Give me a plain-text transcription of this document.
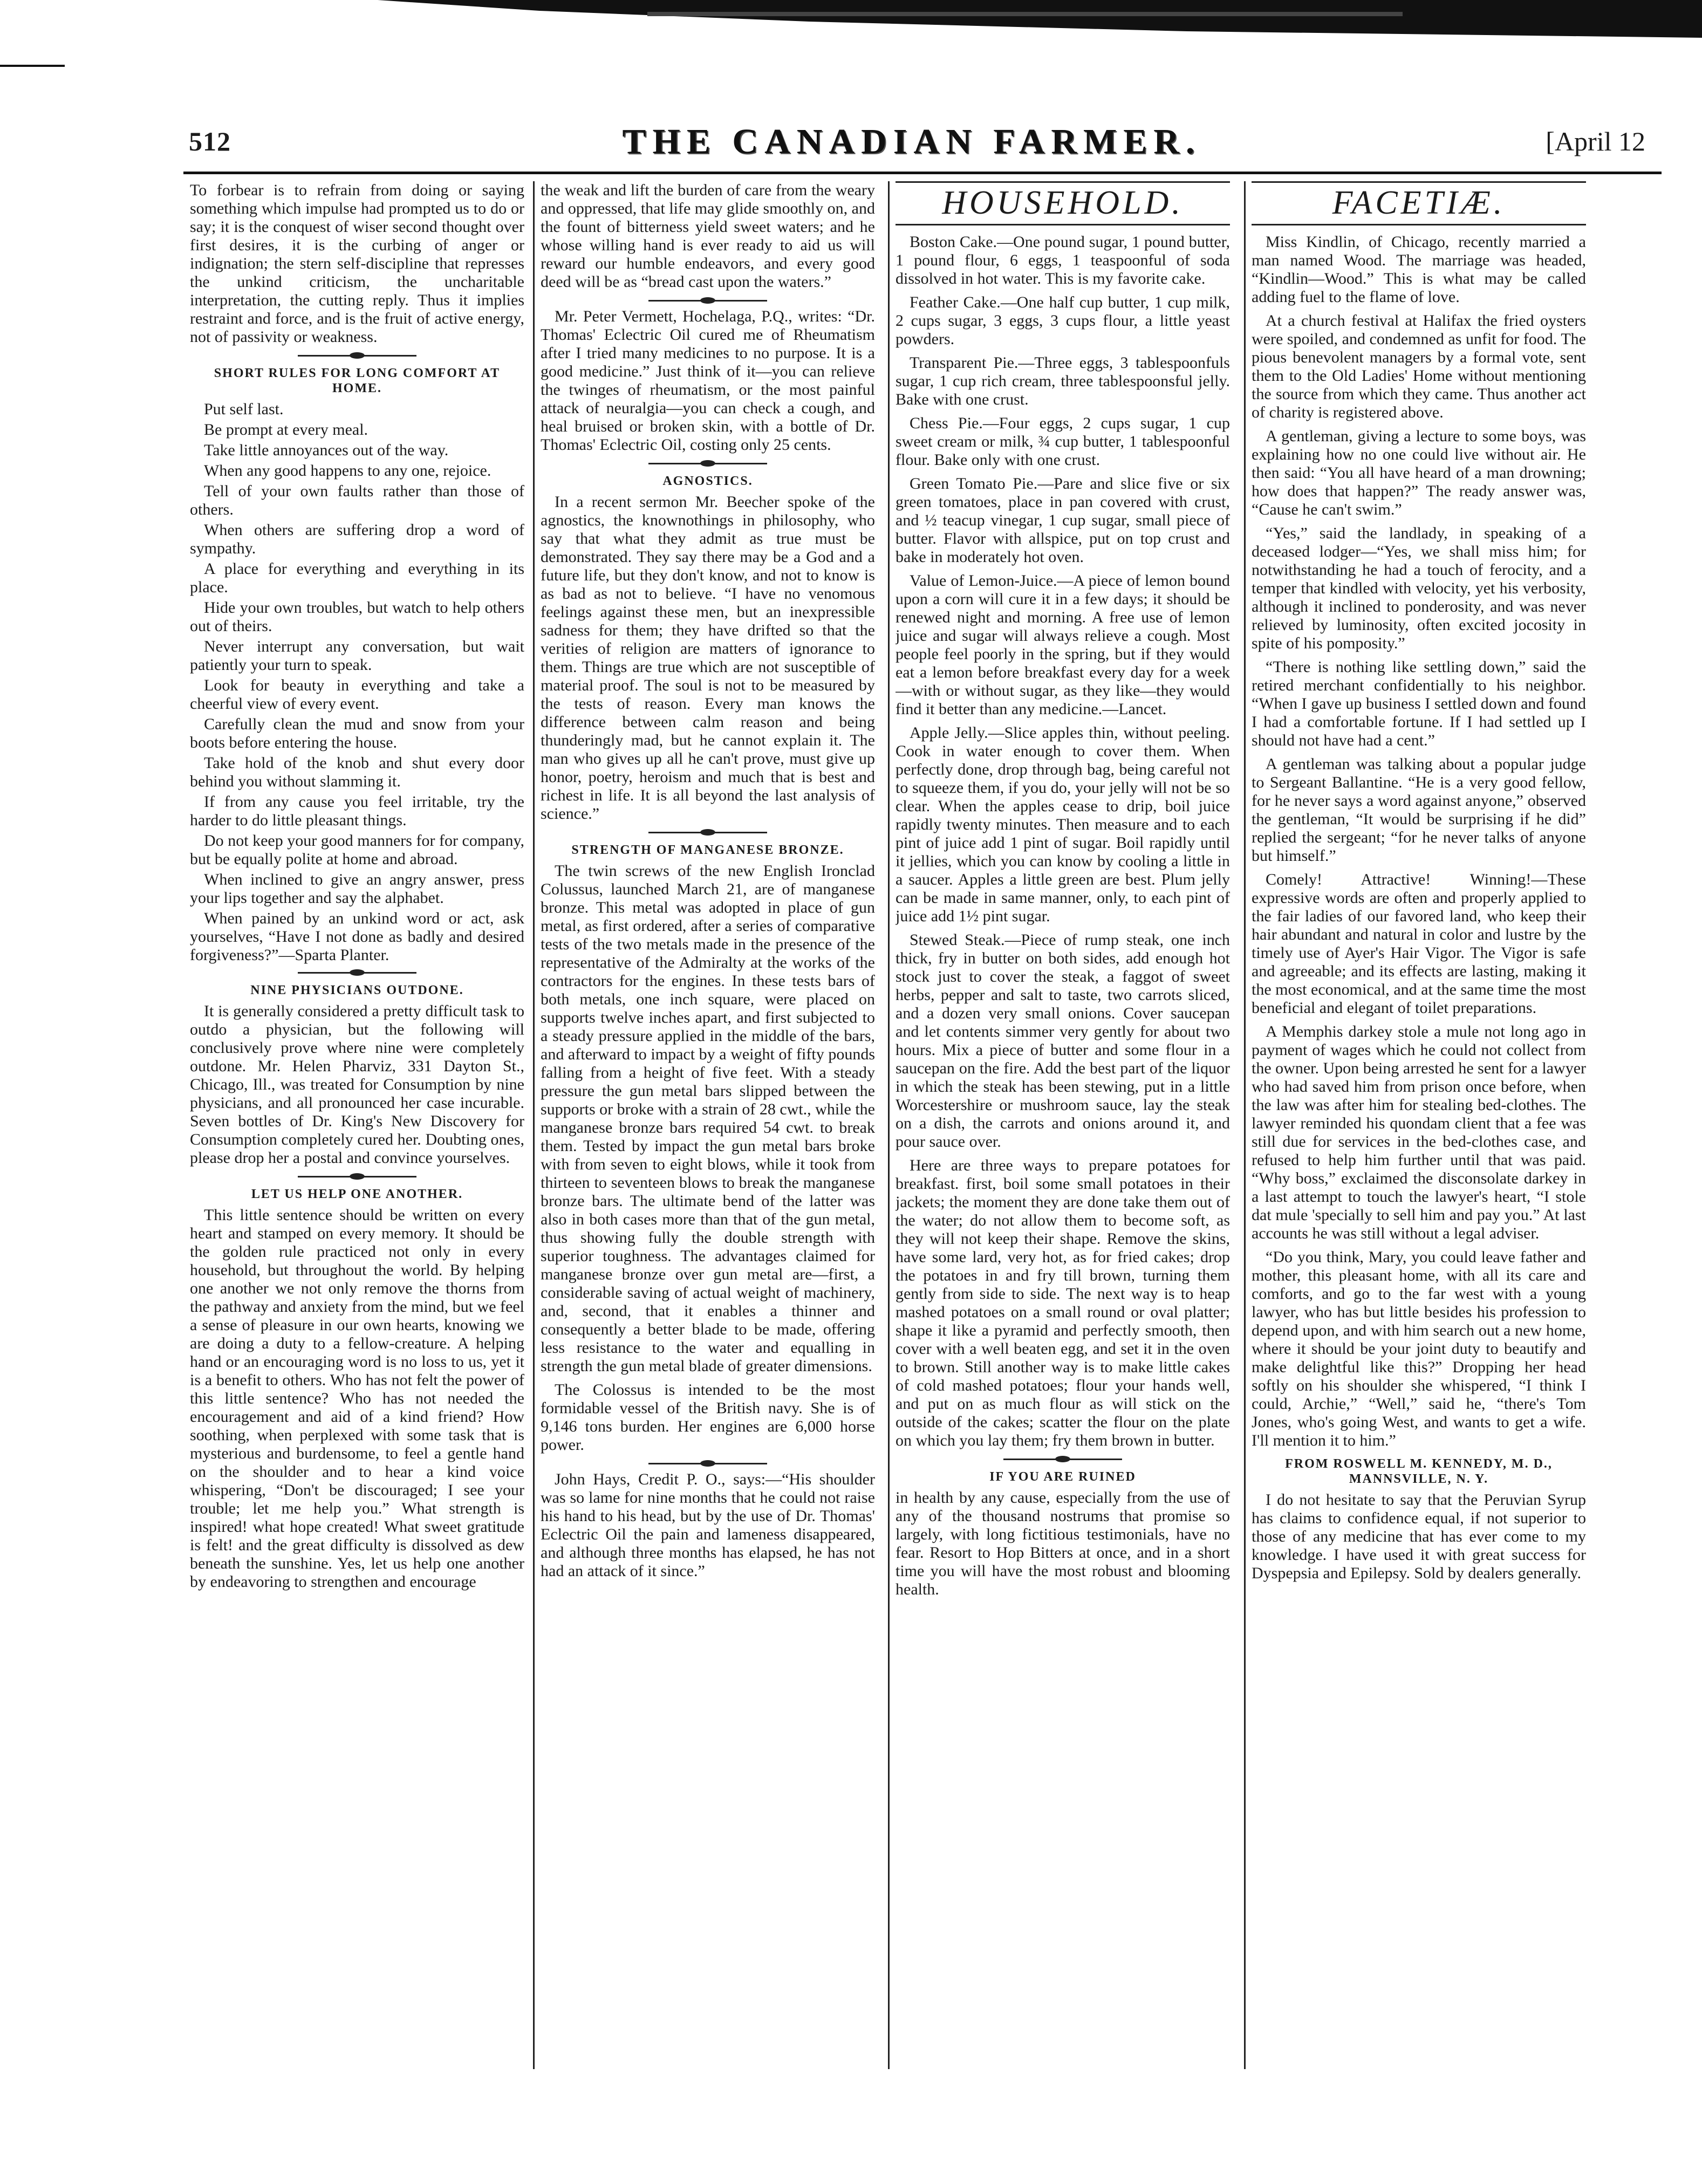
512	THE CANADIAN FARMER.	[April 12

To forbear is to refrain from doing or saying something which impulse had prompted us to do or say; it is the conquest of wiser second thought over first desires, it is the curbing of anger or indignation; the stern self-discipline that represses the unkind criticism, the uncharitable interpretation, the cutting reply. Thus it implies restraint and force, and is the fruit of active energy, not of passivity or weakness.

SHORT RULES FOR LONG COMFORT AT HOME.

Put self last.

Be prompt at every meal.

Take little annoyances out of the way.

When any good happens to any one, rejoice.

Tell of your own faults rather than those of others.

When others are suffering drop a word of sympathy.

A place for everything and everything in its place.

Hide your own troubles, but watch to help others out of theirs.

Never interrupt any conversation, but wait patiently your turn to speak.

Look for beauty in everything and take a cheerful view of every event.

Carefully clean the mud and snow from your boots before entering the house.

Take hold of the knob and shut every door behind you without slamming it.

If from any cause you feel irritable, try the harder to do little pleasant things.

Do not keep your good manners for for company, but be equally polite at home and abroad.

When inclined to give an angry answer, press your lips together and say the alphabet.

When pained by an unkind word or act, ask yourselves, “Have I not done as badly and desired forgiveness?”—Sparta Planter.

NINE PHYSICIANS OUTDONE.

It is generally considered a pretty difficult task to outdo a physician, but the following will conclusively prove where nine were completely outdone. Mr. Helen Pharviz, 331 Dayton St., Chicago, Ill., was treated for Consumption by nine physicians, and all pronounced her case incurable. Seven bottles of Dr. King's New Discovery for Consumption completely cured her. Doubting ones, please drop her a postal and convince yourselves.

LET US HELP ONE ANOTHER.

This little sentence should be written on every heart and stamped on every memory. It should be the golden rule practiced not only in every household, but throughout the world. By helping one another we not only remove the thorns from the pathway and anxiety from the mind, but we feel a sense of pleasure in our own hearts, knowing we are doing a duty to a fellow-creature. A helping hand or an encouraging word is no loss to us, yet it is a benefit to others. Who has not felt the power of this little sentence? Who has not needed the encouragement and aid of a kind friend? How soothing, when perplexed with some task that is mysterious and burdensome, to feel a gentle hand on the shoulder and to hear a kind voice whispering, “Don't be discouraged; I see your trouble; let me help you.” What strength is inspired! what hope created! What sweet gratitude is felt! and the great difficulty is dissolved as dew beneath the sunshine. Yes, let us help one another by endeavoring to strengthen and encourage

the weak and lift the burden of care from the weary and oppressed, that life may glide smoothly on, and the fount of bitterness yield sweet waters; and he whose willing hand is ever ready to aid us will reward our humble endeavors, and every good deed will be as “bread cast upon the waters.”

Mr. Peter Vermett, Hochelaga, P.Q., writes: “Dr. Thomas' Eclectric Oil cured me of Rheumatism after I tried many medicines to no purpose. It is a good medicine.” Just think of it—you can relieve the twinges of rheumatism, or the most painful attack of neuralgia—you can check a cough, and heal bruised or broken skin, with a bottle of Dr. Thomas' Eclectric Oil, costing only 25 cents.

AGNOSTICS.

In a recent sermon Mr. Beecher spoke of the agnostics, the knownothings in philosophy, who say that what they admit as true must be demonstrated. They say there may be a God and a future life, but they don't know, and not to know is as bad as not to believe. “I have no venomous feelings against these men, but an inexpressible sadness for them; they have drifted so that the verities of religion are matters of ignorance to them. Things are true which are not susceptible of material proof. The soul is not to be measured by the tests of reason. Every man knows the difference between calm reason and being thunderingly mad, but he cannot explain it. The man who gives up all he can't prove, must give up honor, poetry, heroism and much that is best and richest in life. It is all beyond the last analysis of science.”

STRENGTH OF MANGANESE BRONZE.

The twin screws of the new English Ironclad Colussus, launched March 21, are of manganese bronze. This metal was adopted in place of gun metal, as first ordered, after a series of comparative tests of the two metals made in the presence of the representative of the Admiralty at the works of the contractors for the engines. In these tests bars of both metals, one inch square, were placed on supports twelve inches apart, and first subjected to a steady pressure applied in the middle of the bars, and afterward to impact by a weight of fifty pounds falling from a height of five feet. With a steady pressure the gun metal bars slipped between the supports or broke with a strain of 28 cwt., while the manganese bronze bars required 54 cwt. to break them. Tested by impact the gun metal bars broke with from seven to eight blows, while it took from thirteen to seventeen blows to break the manganese bronze bars. The ultimate bend of the latter was also in both cases more than that of the gun metal, thus showing fully the double strength with superior toughness. The advantages claimed for manganese bronze over gun metal are—first, a considerable saving of actual weight of machinery, and, second, that it enables a thinner and consequently a better blade to be made, offering less resistance to the water and equalling in strength the gun metal blade of greater dimensions.

The Colossus is intended to be the most formidable vessel of the British navy. She is of 9,146 tons burden. Her engines are 6,000 horse power.

John Hays, Credit P. O., says:—“His shoulder was so lame for nine months that he could not raise his hand to his head, but by the use of Dr. Thomas' Eclectric Oil the pain and lameness disappeared, and although three months has elapsed, he has not had an attack of it since.”

HOUSEHOLD.

Boston Cake.—One pound sugar, 1 pound butter, 1 pound flour, 6 eggs, 1 teaspoonful of soda dissolved in hot water. This is my favorite cake.

Feather Cake.—One half cup butter, 1 cup milk, 2 cups sugar, 3 eggs, 3 cups flour, a little yeast powders.

Transparent Pie.—Three eggs, 3 tablespoonfuls sugar, 1 cup rich cream, three tablespoonsful jelly. Bake with one crust.

Chess Pie.—Four eggs, 2 cups sugar, 1 cup sweet cream or milk, ¾ cup butter, 1 tablespoonful flour. Bake only with one crust.

Green Tomato Pie.—Pare and slice five or six green tomatoes, place in pan covered with crust, and ½ teacup vinegar, 1 cup sugar, small piece of butter. Flavor with allspice, put on top crust and bake in moderately hot oven.

Value of Lemon-Juice.—A piece of lemon bound upon a corn will cure it in a few days; it should be renewed night and morning. A free use of lemon juice and sugar will always relieve a cough. Most people feel poorly in the spring, but if they would eat a lemon before breakfast every day for a week—with or without sugar, as they like—they would find it better than any medicine.—Lancet.

Apple Jelly.—Slice apples thin, without peeling. Cook in water enough to cover them. When perfectly done, drop through bag, being careful not to squeeze them, if you do, your jelly will not be so clear. When the apples cease to drip, boil juice rapidly twenty minutes. Then measure and to each pint of juice add 1 pint of sugar. Boil rapidly until it jellies, which you can know by cooling a little in a saucer. Apples a little green are best. Plum jelly can be made in same manner, only, to each pint of juice add 1½ pint sugar.

Stewed Steak.—Piece of rump steak, one inch thick, fry in butter on both sides, add enough hot stock just to cover the steak, a faggot of sweet herbs, pepper and salt to taste, two carrots sliced, and a dozen very small onions. Cover saucepan and let contents simmer very gently for about two hours. Mix a piece of butter and some flour in a saucepan on the fire. Add the best part of the liquor in which the steak has been stewing, put in a little Worcestershire or mushroom sauce, lay the steak on a dish, the carrots and onions around it, and pour sauce over.

Here are three ways to prepare potatoes for breakfast. first, boil some small potatoes in their jackets; the moment they are done take them out of the water; do not allow them to become soft, as they will not keep their shape. Remove the skins, have some lard, very hot, as for fried cakes; drop the potatoes in and fry till brown, turning them gently from side to side. The next way is to heap mashed potatoes on a small round or oval platter; shape it like a pyramid and perfectly smooth, then cover with a well beaten egg, and set it in the oven to brown. Still another way is to make little cakes of cold mashed potatoes; flour your hands well, and put on as much flour as will stick on the outside of the cakes; scatter the flour on the plate on which you lay them; fry them brown in butter.

IF YOU ARE RUINED

in health by any cause, especially from the use of any of the thousand nostrums that promise so largely, with long fictitious testimonials, have no fear. Resort to Hop Bitters at once, and in a short time you will have the most robust and blooming health.

FACETIÆ.

Miss Kindlin, of Chicago, recently married a man named Wood. The marriage was headed, “Kindlin—Wood.” This is what may be called adding fuel to the flame of love.

At a church festival at Halifax the fried oysters were spoiled, and condemned as unfit for food. The pious benevolent managers by a formal vote, sent them to the Old Ladies' Home without mentioning the source from which they came. Thus another act of charity is registered above.

A gentleman, giving a lecture to some boys, was explaining how no one could live without air. He then said: “You all have heard of a man drowning; how does that happen?” The ready answer was, “Cause he can't swim.”

“Yes,” said the landlady, in speaking of a deceased lodger—“Yes, we shall miss him; for notwithstanding he had a touch of ferocity, and a temper that kindled with velocity, yet his verbosity, although it inclined to ponderosity, and was never relieved by luminosity, often excited jocosity in spite of his pomposity.”

“There is nothing like settling down,” said the retired merchant confidentially to his neighbor. “When I gave up business I settled down and found I had a comfortable fortune. If I had settled up I should not have had a cent.”

A gentleman was talking about a popular judge to Sergeant Ballantine. “He is a very good fellow, for he never says a word against anyone,” observed the gentleman, “It would be surprising if he did” replied the sergeant; “for he never talks of anyone but himself.”

Comely! Attractive! Winning!—These expressive words are often and properly applied to the fair ladies of our favored land, who keep their hair abundant and natural in color and lustre by the timely use of Ayer's Hair Vigor. The Vigor is safe and agreeable; and its effects are lasting, making it the most economical, and at the same time the most beneficial and elegant of toilet preparations.

A Memphis darkey stole a mule not long ago in payment of wages which he could not collect from the owner. Upon being arrested he sent for a lawyer who had saved him from prison once before, when the law was after him for stealing bed-clothes. The lawyer reminded his quondam client that a fee was still due for services in the bed-clothes case, and refused to help him further until that was paid. “Why boss,” exclaimed the disconsolate darkey in a last attempt to touch the lawyer's heart, “I stole dat mule 'specially to sell him and pay you.” At last accounts he was still without a legal adviser.

“Do you think, Mary, you could leave father and mother, this pleasant home, with all its care and comforts, and go to the far west with a young lawyer, who has but little besides his profession to depend upon, and with him search out a new home, where it should be your joint duty to beautify and make delightful like this?” Dropping her head softly on his shoulder she whispered, “I think I could, Archie,” “Well,” said he, “there's Tom Jones, who's going West, and wants to get a wife. I'll mention it to him.”

FROM ROSWELL M. KENNEDY, M. D., MANNSVILLE, N. Y.

I do not hesitate to say that the Peruvian Syrup has claims to confidence equal, if not superior to those of any medicine that has ever come to my knowledge. I have used it with great success for Dyspepsia and Epilepsy. Sold by dealers generally.
